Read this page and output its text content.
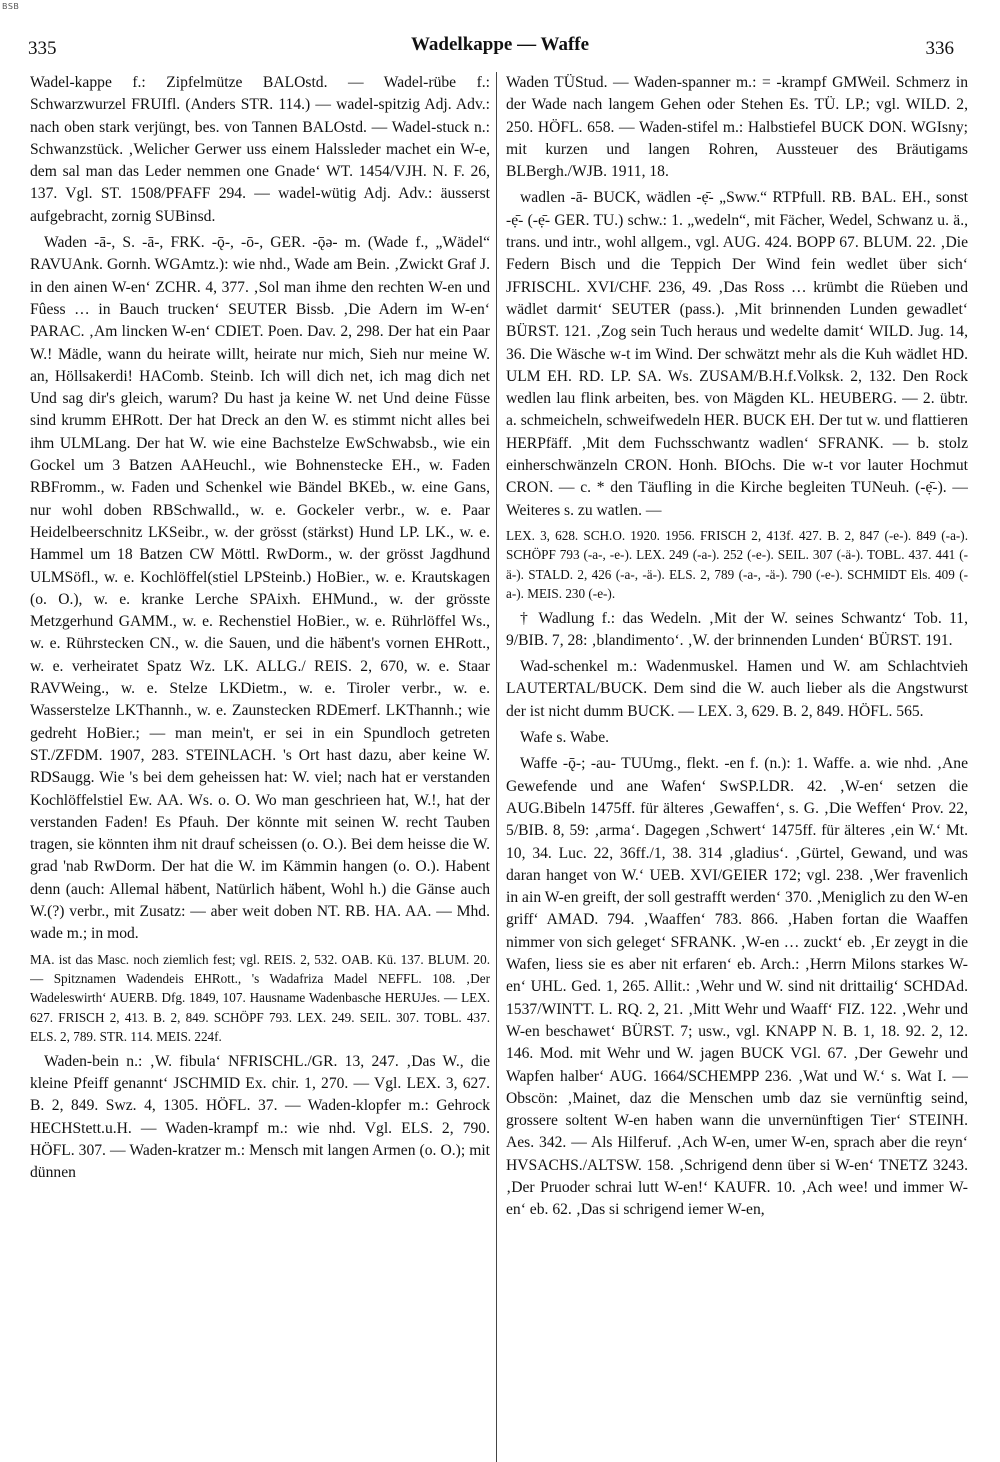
BSB
335	Wadelkappe — Waffe	336

Wadel-kappe f.: Zipfelmütze BALOstd. — Wadel-rübe f.: Schwarzwurzel FRUIfl. (Anders STR. 114.) — wadel-spitzig Adj. Adv.: nach oben stark verjüngt, bes. von Tannen BALOstd. — Wadel-stuck n.: Schwanzstück. ‚Welicher Gerwer uss einem Halssleder machet ein W-e, dem sal man das Leder nemmen one Gnade‘ WT. 1454/VJH. N. F. 26, 137. Vgl. ST. 1508/PFAFF 294. — wadel-wütig Adj. Adv.: äusserst aufgebracht, zornig SUBinsd.

Waden -ā-, S. -ā-, FRK. -ǭ-, -ō-, GER. -ǭə- m. (Wade f., „Wädel“ RAVUAnk. Gornh. WGAmtz.): wie nhd., Wade am Bein. ‚Zwickt Graf J. in den ainen W-en‘ ZCHR. 4, 377. ‚Sol man ihme den rechten W-en und Fûess … in Bauch trucken‘ SEUTER Bissb. ‚Die Adern im W-en‘ PARAC. ‚Am lincken W-en‘ CDIET. Poen. Dav. 2, 298. Der hat ein Paar W.! Mädle, wann du heirate willt, heirate nur mich, Sieh nur meine W. an, Höllsakerdi! HAComb. Steinb. Ich will dich net, ich mag dich net Und sag dir's gleich, warum? Du hast ja keine W. net Und deine Füsse sind krumm EHRott. Der hat Dreck an den W. es stimmt nicht alles bei ihm ULMLang. Der hat W. wie eine Bachstelze EwSchwabsb., wie ein Gockel um 3 Batzen AAHeuchl., wie Bohnenstecke EH., w. Faden RBFromm., w. Faden und Schenkel wie Bändel BKEb., w. eine Gans, nur wohl doben RBSchwalld., w. e. Gockeler verbr., w. e. Paar Heidelbeerschnitz LKSeibr., w. der grösst (stärkst) Hund LP. LK., w. e. Hammel um 18 Batzen CW Möttl. RwDorm., w. der grösst Jagdhund ULMSöfl., w. e. Kochlöffel(stiel LPSteinb.) HoBier., w. e. Krautskagen (o. O.), w. e. kranke Lerche SPAixh. EHMund., w. der grösste Metzgerhund GAMM., w. e. Rechenstiel HoBier., w. e. Rührlöffel Ws., w. e. Rührstecken CN., w. die Sauen, und die hä̈bent's vornen EHRott., w. e. verheiratet Spatz Wz. LK. ALLG./ REIS. 2, 670, w. e. Staar RAVWeing., w. e. Stelze LKDietm., w. e. Tiroler verbr., w. e. Wasserstelze LKThannh., w. e. Zaunstecken RDEmerf. LKThannh.; wie gedreht HoBier.; — man mein't, er sei in ein Spundloch getreten ST./ZFDM. 1907, 283. STEINLACH. 's Ort hast dazu, aber keine W. RDSaugg. Wie 's bei dem geheissen hat: W. viel; nach hat er verstanden Kochlöffelstiel Ew. AA. Ws. o. O. Wo man geschrieen hat, W.!, hat der verstanden Faden! Es Pfauh. Der könnte mit seinen W. recht Tauben tragen, sie könnten ihm nit drauf scheissen (o. O.). Bei dem heisse die W. grad 'nab RwDorm. Der hat die W. im Kämmin hangen (o. O.). Habent denn (auch: Allemal hä̈bent, Natürlich hä̈bent, Wohl h.) die Gänse auch W.(?) verbr., mit Zusatz: — aber weit doben NT. RB. HA. AA. — Mhd. wade m.; in mod.

MA. ist das Masc. noch ziemlich fest; vgl. REIS. 2, 532. OAB. Kü. 137. BLUM. 20. — Spitznamen Wadendeis EHRott., 's Wadafriza Madel NEFFL. 108. ‚Der Wadeleswirth‘ AUERB. Dfg. 1849, 107. Hausname Wadenbasche HERUJes. — LEX. 627. FRISCH 2, 413. B. 2, 849. SCHÖPF 793. LEX. 249. SEIL. 307. TOBL. 437. ELS. 2, 789. STR. 114. MEIS. 224f.

Waden-bein n.: ‚W. fibula‘ NFRISCHL./GR. 13, 247. ‚Das W., die kleine Pfeiff genannt‘ JSCHMID Ex. chir. 1, 270. — Vgl. LEX. 3, 627. B. 2, 849. Swz. 4, 1305. HÖFL. 37. — Waden-klopfer m.: Gehrock HECHStett.u.H. — Waden-krampf m.: wie nhd. Vgl. ELS. 2, 790. HÖFL. 307. — Waden-kratzer m.: Mensch mit langen Armen (o. O.); mit dünnen

Waden TÜStud. — Waden-spanner m.: = -krampf GMWeil. Schmerz in der Wade nach langem Gehen oder Stehen Es. TÜ. LP.; vgl. WILD. 2, 250. HÖFL. 658. — Waden-stifel m.: Halbstiefel BUCK DON. WGIsny; mit kurzen und langen Rohren, Aussteuer des Bräutigams BLBergh./WJB. 1911, 18.

wadlen -ā- BUCK, wädlen -ẹ̄- „Sww.“ RTPfull. RB. BAL. EH., sonst -ẹ̄- (-ẹ̄- GER. TU.) schw.: 1. „wedeln“, mit Fächer, Wedel, Schwanz u. ä., trans. und intr., wohl allgem., vgl. AUG. 424. BOPP 67. BLUM. 22. ‚Die Federn Bisch und die Teppich Der Wind fein wedlet über sich‘ JFRISCHL. XVI/CHF. 236, 49. ‚Das Ross … krümbt die Rüeben und wädlet darmit‘ SEUTER (pass.). ‚Mit brinnenden Lunden gewadlet‘ BÜRST. 121. ‚Zog sein Tuch heraus und wedelte damit‘ WILD. Jug. 14, 36. Die Wäsche w-t im Wind. Der schwätzt mehr als die Kuh wädlet HD. ULM EH. RD. LP. SA. Ws. ZUSAM/B.H.f.Volksk. 2, 132. Den Rock wedlen lau flink arbeiten, bes. von Mägden KL. HEUBERG. — 2. übtr. a. schmeicheln, schweifwedeln HER. BUCK EH. Der tut w. und flattieren HERPfäff. ‚Mit dem Fuchsschwantz wadlen‘ SFRANK. — b. stolz einherschwänzeln CRON. Honh. BIOchs. Die w-t vor lauter Hochmut CRON. — c. * den Täufling in die Kirche begleiten TUNeuh. (-ẹ̄-). — Weiteres s. zu watlen. —

LEX. 3, 628. SCH.O. 1920. 1956. FRISCH 2, 413f. 427. B. 2, 847 (-e-). 849 (-a-). SCHÖPF 793 (-a-, -e-). LEX. 249 (-a-). 252 (-e-). SEIL. 307 (-ä-). TOBL. 437. 441 (-ä-). STALD. 2, 426 (-a-, -ä-). ELS. 2, 789 (-a-, -ä-). 790 (-e-). SCHMIDT Els. 409 (-a-). MEIS. 230 (-e-).

† Wadlung f.: das Wedeln. ‚Mit der W. seines Schwantz‘ Tob. 11, 9/BIB. 7, 28: ‚blandimento‘. ‚W. der brinnenden Lunden‘ BÜRST. 191.

Wad-schenkel m.: Wadenmuskel. Hamen und W. am Schlachtvieh LAUTERTAL/BUCK. Dem sind die W. auch lieber als die Angstwurst der ist nicht dumm BUCK. — LEX. 3, 629. B. 2, 849. HÖFL. 565.

Wafe s. Wabe.

Waffe -ǭ-; -au- TUUmg., flekt. -en f. (n.): 1. Waffe. a. wie nhd. ‚Ane Gewefende und ane Wafen‘ SwSP.LDR. 42. ‚W-en‘ setzen die AUG.Bibeln 1475ff. für älteres ‚Gewaffen‘, s. G. ‚Die Weffen‘ Prov. 22, 5/BIB. 8, 59: ‚arma‘. Dagegen ‚Schwert‘ 1475ff. für älteres ‚ein W.‘ Mt. 10, 34. Luc. 22, 36ff./1, 38. 314 ‚gladius‘. ‚Gürtel, Gewand, und was daran hanget von W.‘ UEB. XVI/GEIER 172; vgl. 238. ‚Wer fravenlich in ain W-en greift, der soll gestrafft werden‘ 370. ‚Meniglich zu den W-en griff‘ AMAD. 794. ‚Waaffen‘ 783. 866. ‚Haben fortan die Waaffen nimmer von sich geleget‘ SFRANK. ‚W-en … zuckt‘ eb. ‚Er zeygt in die Wafen, liess sie es aber nit erfaren‘ eb. Arch.: ‚Herrn Milons starkes W-en‘ UHL. Ged. 1, 265. Allit.: ‚Wehr und W. sind nit drittailig‘ SCHDAd. 1537/WINTT. L. RQ. 2, 21. ‚Mitt Wehr und Waaff‘ FIZ. 122. ‚Wehr und W-en beschawet‘ BÜRST. 7; usw., vgl. KNAPP N. B. 1, 18. 92. 2, 12. 146. Mod. mit Wehr und W. jagen BUCK VGl. 67. ‚Der Gewehr und Wapfen halber‘ AUG. 1664/SCHEMPP 236. ‚Wat und W.‘ s. Wat I. — Obscön: ‚Mainet, daz die Menschen umb daz sie vernünftig seind, grossere soltent W-en haben wann die unvernünftigen Tier‘ STEINH. Aes. 342. — Als Hilferuf. ‚Ach W-en, umer W-en, sprach aber die reyn‘ HVSACHS./ALTSW. 158. ‚Schrigend denn über si W-en‘ TNETZ 3243. ‚Der Pruoder schrai lutt W-en!‘ KAUFR. 10. ‚Ach wee! und immer W-en‘ eb. 62. ‚Das si schrigend iemer W-en,
